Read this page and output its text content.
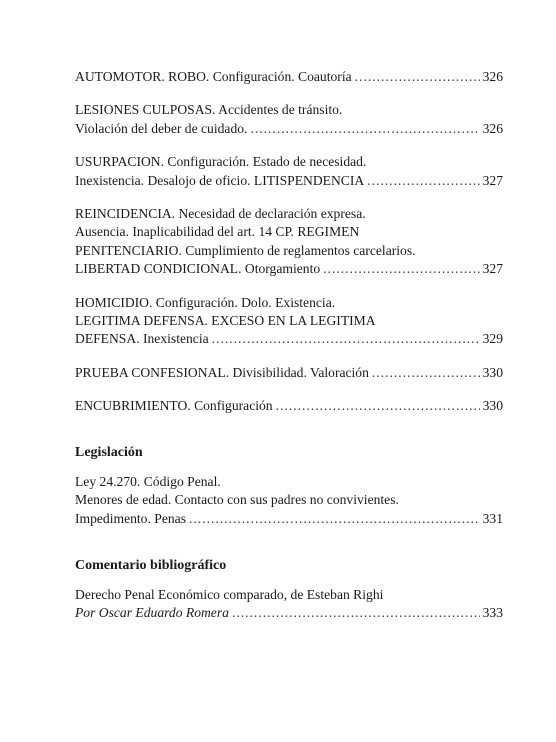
AUTOMOTOR. ROBO. Configuración. Coautoría .....	326
LESIONES CULPOSAS. Accidentes de tránsito.
Violación del deber de cuidado. .....	326
USURPACION. Configuración. Estado de necesidad.
Inexistencia. Desalojo de oficio. LITISPENDENCIA .....	327
REINCIDENCIA. Necesidad de declaración expresa.
Ausencia. Inaplicabilidad del art. 14 CP. REGIMEN
PENITENCIARIO. Cumplimiento de reglamentos carcelarios.
LIBERTAD CONDICIONAL. Otorgamiento .....	327
HOMICIDIO. Configuración. Dolo. Existencia.
LEGITIMA DEFENSA. EXCESO EN LA LEGITIMA
DEFENSA. Inexistencia .....	329
PRUEBA CONFESIONAL. Divisibilidad. Valoración .....	330
ENCUBRIMIENTO. Configuración .....	330
Legislación
Ley 24.270. Código Penal.
Menores de edad. Contacto con sus padres no convivientes.
Impedimento. Penas .....	331
Comentario bibliográfico
Derecho Penal Económico comparado, de Esteban Righi
Por Oscar Eduardo Romera .....	333
